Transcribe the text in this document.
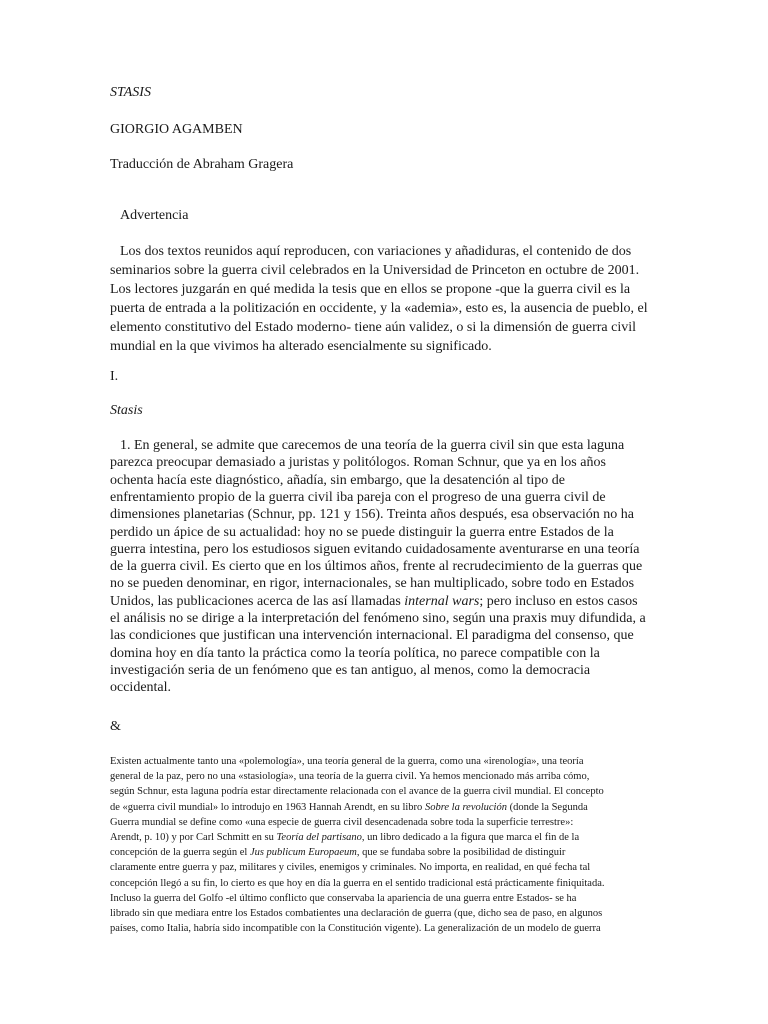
STASIS
GIORGIO AGAMBEN
Traducción de Abraham Gragera
Advertencia
Los dos textos reunidos aquí reproducen, con variaciones y añadiduras, el contenido de dos
seminarios sobre la guerra civil celebrados en la Universidad de Princeton en octubre de 2001.
Los lectores juzgarán en qué medida la tesis que en ellos se propone -que la guerra civil es la
puerta de entrada a la politización en occidente, y la «ademia», esto es, la ausencia de pueblo, el
elemento constitutivo del Estado moderno- tiene aún validez, o si la dimensión de guerra civil
mundial en la que vivimos ha alterado esencialmente su significado.
I.
Stasis
1. En general, se admite que carecemos de una teoría de la guerra civil sin que esta laguna
parezca preocupar demasiado a juristas y politólogos. Roman Schnur, que ya en los años
ochenta hacía este diagnóstico, añadía, sin embargo, que la desatención al tipo de
enfrentamiento propio de la guerra civil iba pareja con el progreso de una guerra civil de
dimensiones planetarias (Schnur, pp. 121 y 156). Treinta años después, esa observación no ha
perdido un ápice de su actualidad: hoy no se puede distinguir la guerra entre Estados de la
guerra intestina, pero los estudiosos siguen evitando cuidadosamente aventurarse en una teoría
de la guerra civil. Es cierto que en los últimos años, frente al recrudecimiento de la guerras que
no se pueden denominar, en rigor, internacionales, se han multiplicado, sobre todo en Estados
Unidos, las publicaciones acerca de las así llamadas internal wars; pero incluso en estos casos
el análisis no se dirige a la interpretación del fenómeno sino, según una praxis muy difundida, a
las condiciones que justifican una intervención internacional. El paradigma del consenso, que
domina hoy en día tanto la práctica como la teoría política, no parece compatible con la
investigación seria de un fenómeno que es tan antiguo, al menos, como la democracia
occidental.
&
Existen actualmente tanto una «polemología», una teoría general de la guerra, como una «irenología», una teoría
general de la paz, pero no una «stasiología», una teoría de la guerra civil. Ya hemos mencionado más arriba cómo,
según Schnur, esta laguna podría estar directamente relacionada con el avance de la guerra civil mundial. El concepto
de «guerra civil mundial» lo introdujo en 1963 Hannah Arendt, en su libro Sobre la revolución (donde la Segunda
Guerra mundial se define como «una especie de guerra civil desencadenada sobre toda la superficie terrestre»:
Arendt, p. 10) y por Carl Schmitt en su Teoría del partisano, un libro dedicado a la figura que marca el fin de la
concepción de la guerra según el Jus publicum Europaeum, que se fundaba sobre la posibilidad de distinguir
claramente entre guerra y paz, militares y civiles, enemigos y criminales. No importa, en realidad, en qué fecha tal
concepción llegó a su fin, lo cierto es que hoy en día la guerra en el sentido tradicional está prácticamente finiquitada.
Incluso la guerra del Golfo -el último conflicto que conservaba la apariencia de una guerra entre Estados- se ha
librado sin que mediara entre los Estados combatientes una declaración de guerra (que, dicho sea de paso, en algunos
países, como Italia, habría sido incompatible con la Constitución vigente). La generalización de un modelo de guerra
